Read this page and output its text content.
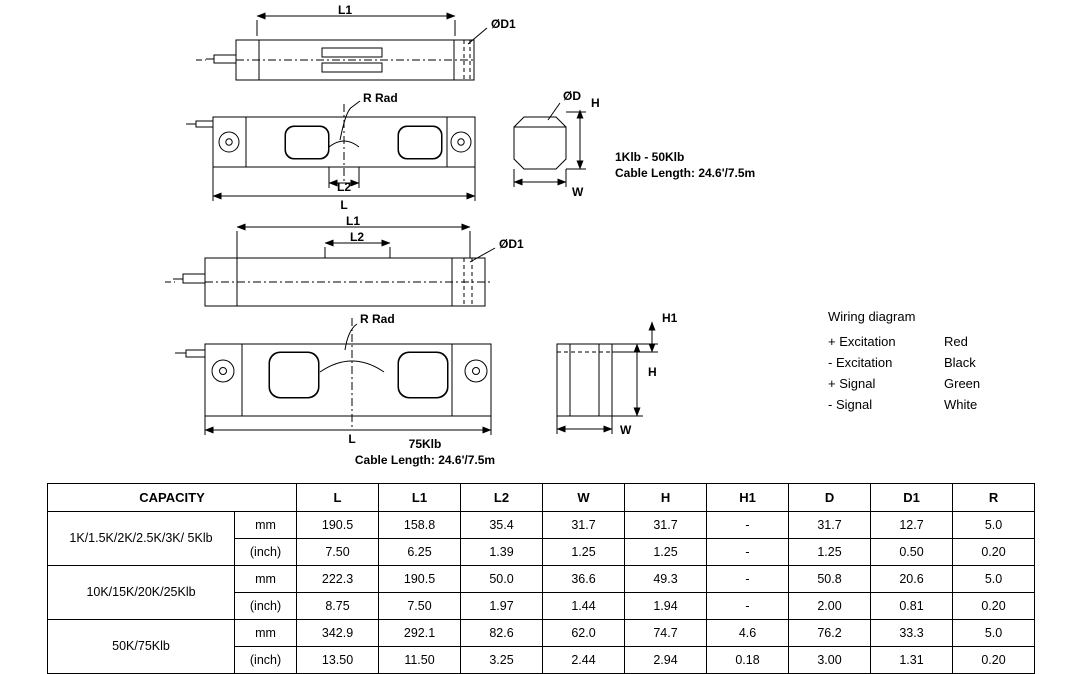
L1
ØD1
R Rad
L2
L
ØD H
W
1Klb - 50Klb
Cable Length: 24.6'/7.5m
L1
L2	ØD1
R Rad
L
H1
H
W
75Klb
Cable Length: 24.6'/7.5m
Wiring diagram
+ Excitation	Red
- Excitation	Black
+ Signal	Green
- Signal	White
CAPACITY		L	L1	L2	W	H	H1	D	D1	R
1K/1.5K/2K/2.5K/3K/ 5Klb	mm	190.5	158.8	35.4	31.7	31.7	-	31.7	12.7	5.0
	(inch)	7.50	6.25	1.39	1.25	1.25	-	1.25	0.50	0.20
10K/15K/20K/25Klb	mm	222.3	190.5	50.0	36.6	49.3	-	50.8	20.6	5.0
	(inch)	8.75	7.50	1.97	1.44	1.94	-	2.00	0.81	0.20
50K/75Klb	mm	342.9	292.1	82.6	62.0	74.7	4.6	76.2	33.3	5.0
	(inch)	13.50	11.50	3.25	2.44	2.94	0.18	3.00	1.31	0.20
